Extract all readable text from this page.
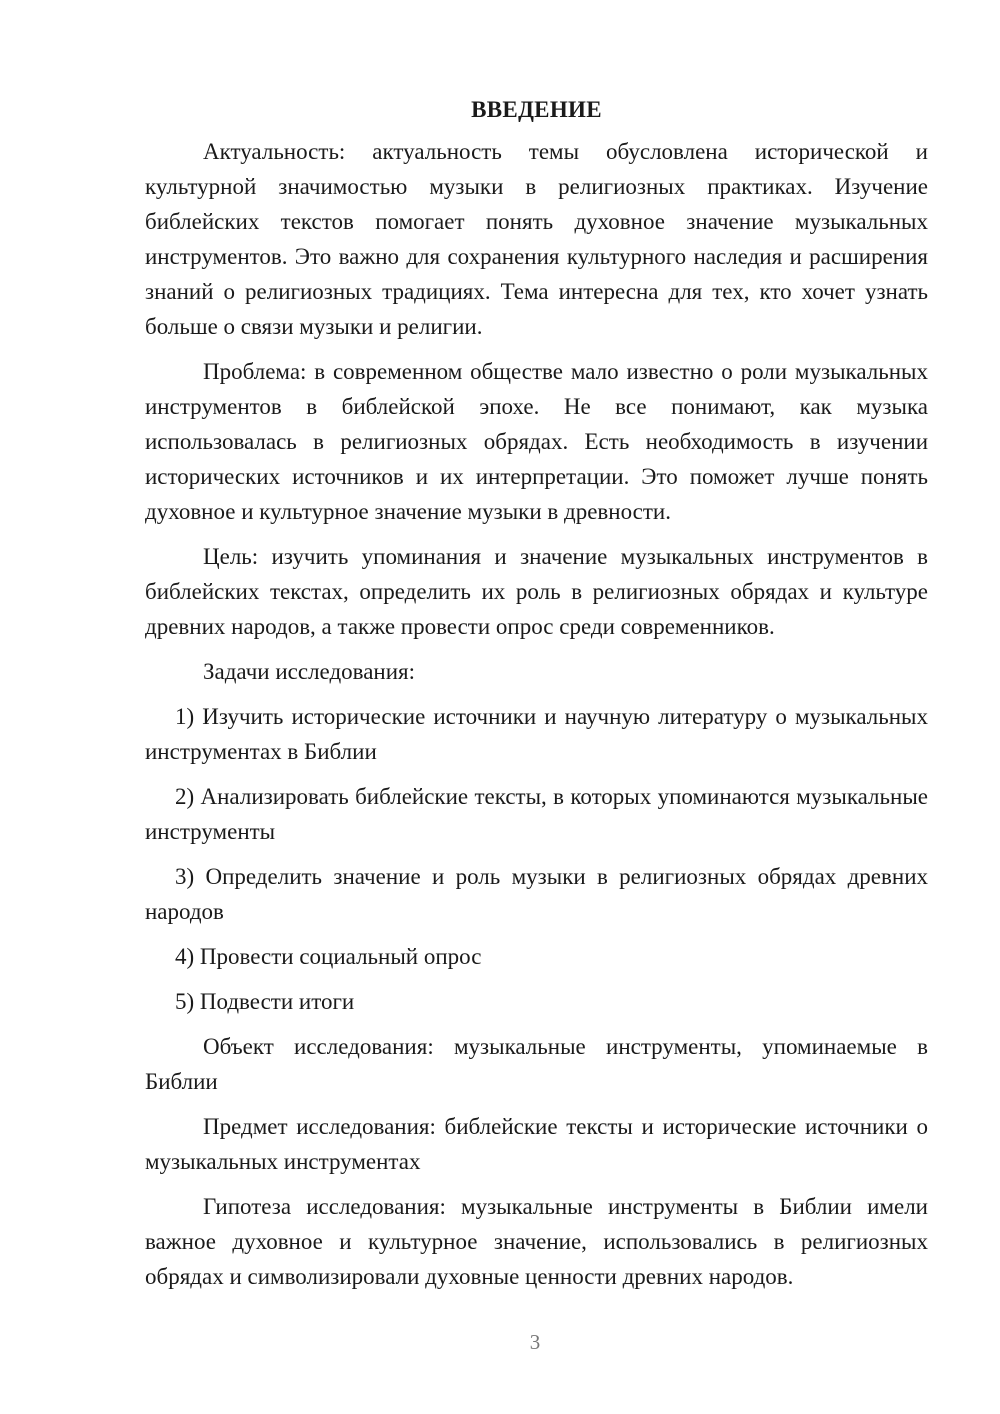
ВВЕДЕНИЕ

Актуальность: актуальность темы обусловлена исторической и культурной значимостью музыки в религиозных практиках. Изучение библейских текстов помогает понять духовное значение музыкальных инструментов. Это важно для сохранения культурного наследия и расширения знаний о религиозных традициях. Тема интересна для тех, кто хочет узнать больше о связи музыки и религии.

Проблема: в современном обществе мало известно о роли музыкальных инструментов в библейской эпохе. Не все понимают, как музыка использовалась в религиозных обрядах. Есть необходимость в изучении исторических источников и их интерпретации. Это поможет лучше понять духовное и культурное значение музыки в древности.

Цель: изучить упоминания и значение музыкальных инструментов в библейских текстах, определить их роль в религиозных обрядах и культуре древних народов, а также провести опрос среди современников.

Задачи исследования:

1) Изучить исторические источники и научную литературу о музыкальных инструментах в Библии

2) Анализировать библейские тексты, в которых упоминаются музыкальные инструменты

3) Определить значение и роль музыки в религиозных обрядах древних народов

4) Провести социальный опрос

5) Подвести итоги

Объект исследования: музыкальные инструменты, упоминаемые в Библии

Предмет исследования: библейские тексты и исторические источники о музыкальных инструментах

Гипотеза исследования: музыкальные инструменты в Библии имели важное духовное и культурное значение, использовались в религиозных обрядах и символизировали духовные ценности древних народов.

3
